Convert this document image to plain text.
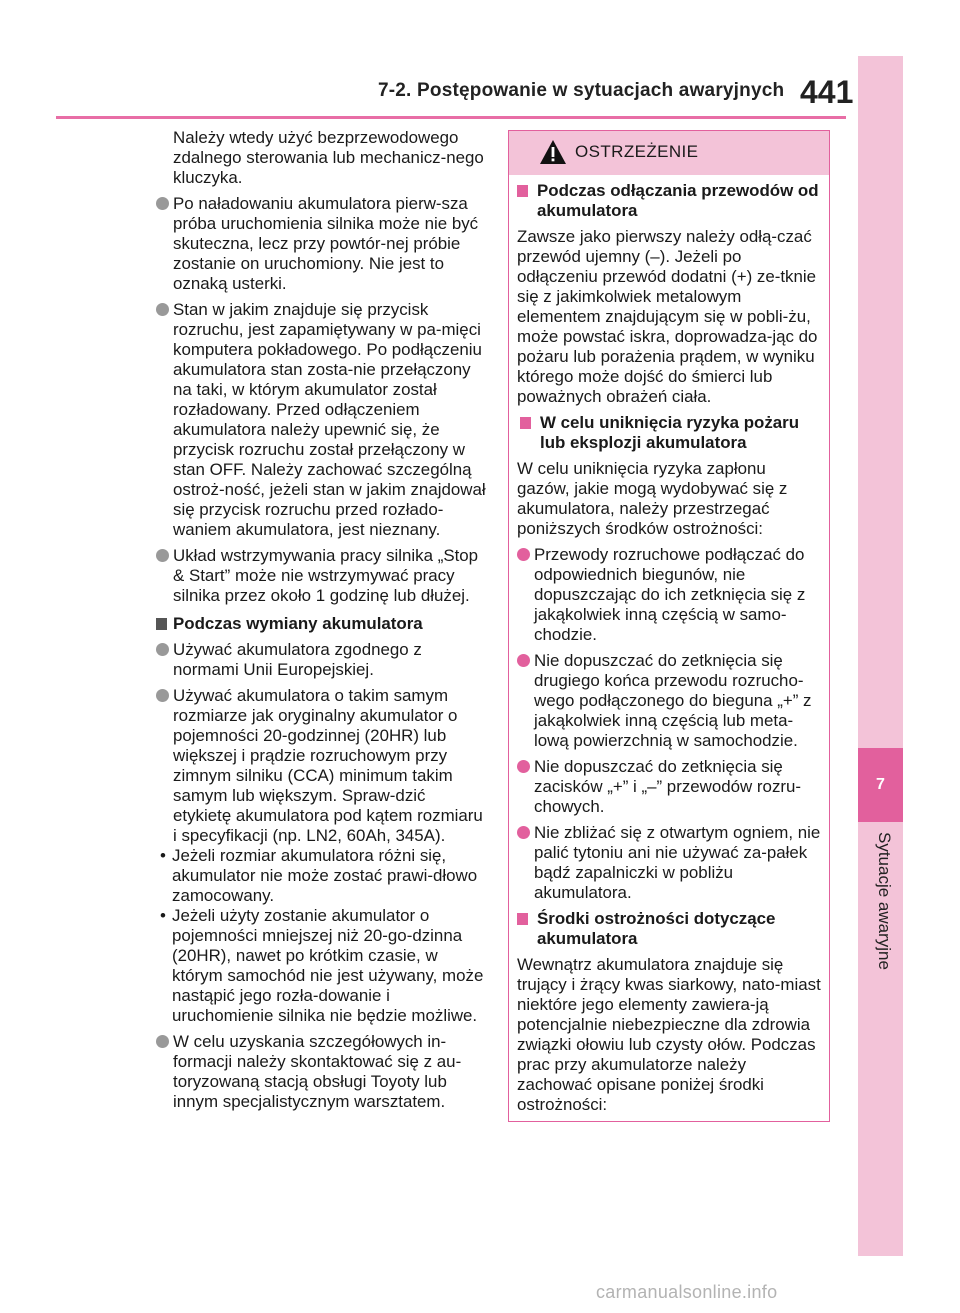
7-2. Postępowanie w sytuacjach awaryjnych 441
7
Sytuacje awaryjne

Należy wtedy użyć bezprzewodowego zdalnego sterowania lub mechanicz-nego kluczyka.

Po naładowaniu akumulatora pierw-sza próba uruchomienia silnika może nie być skuteczna, lecz przy powtór-nej próbie zostanie on uruchomiony. Nie jest to oznaką usterki.
Stan w jakim znajduje się przycisk rozruchu, jest zapamiętywany w pa-mięci komputera pokładowego. Po podłączeniu akumulatora stan zosta-nie przełączony na taki, w którym akumulator został rozładowany. Przed odłączeniem akumulatora należy upewnić się, że przycisk rozruchu został przełączony w stan OFF. Należy zachować szczególną ostroż-ność, jeżeli stan w jakim znajdował się przycisk rozruchu przed rozłado-waniem akumulatora, jest nieznany.
Układ wstrzymywania pracy silnika „Stop & Start” może nie wstrzymywać pracy silnika przez około 1 godzinę lub dłużej.
Podczas wymiany akumulatora
Używać akumulatora zgodnego z normami Unii Europejskiej.
Używać akumulatora o takim samym rozmiarze jak oryginalny akumulator o pojemności 20-godzinnej (20HR) lub większej i prądzie rozruchowym przy zimnym silniku (CCA) minimum takim samym lub większym. Spraw-dzić etykietę akumulatora pod kątem rozmiaru i specyfikacji (np. LN2, 60Ah, 345A).
• Jeżeli rozmiar akumulatora różni się, akumulator nie może zostać prawi-dłowo zamocowany.
• Jeżeli użyty zostanie akumulator o pojemności mniejszej niż 20-go-dzinna (20HR), nawet po krótkim czasie, w którym samochód nie jest używany, może nastąpić jego rozła-dowanie i uruchomienie silnika nie będzie możliwe.
W celu uzyskania szczegółowych in-formacji należy skontaktować się z au-toryzowaną stacją obsługi Toyoty lub innym specjalistycznym warsztatem.
OSTRZEŻENIE
Podczas odłączania przewodów od akumulatora

Zawsze jako pierwszy należy odłą-czać przewód ujemny (–). Jeżeli po odłączeniu przewód dodatni (+) ze-tknie się z jakimkolwiek metalowym elementem znajdującym się w pobli-żu, może powstać iskra, doprowadza-jąc do pożaru lub porażenia prądem, w wyniku którego może dojść do śmierci lub poważnych obrażeń ciała.

W celu uniknięcia ryzyka pożaru lub eksplozji akumulatora

W celu uniknięcia ryzyka zapłonu gazów, jakie mogą wydobywać się z akumulatora, należy przestrzegać poniższych środków ostrożności:

Przewody rozruchowe podłączać do odpowiednich biegunów, nie dopuszczając do ich zetknięcia się z jakąkolwiek inną częścią w samo-chodzie.
Nie dopuszczać do zetknięcia się drugiego końca przewodu rozrucho-wego podłączonego do bieguna „+” z jakąkolwiek inną częścią lub meta-lową powierzchnią w samochodzie.
Nie dopuszczać do zetknięcia się zacisków „+” i „–” przewodów rozru-chowych.
Nie zbliżać się z otwartym ogniem, nie palić tytoniu ani nie używać za-pałek bądź zapalniczki w pobliżu akumulatora.
Środki ostrożności dotyczące akumulatora

Wewnątrz akumulatora znajduje się trujący i żrący kwas siarkowy, nato-miast niektóre jego elementy zawiera-ją potencjalnie niebezpieczne dla zdrowia związki ołowiu lub czysty ołów. Podczas prac przy akumulatorze należy zachować opisane poniżej środki ostrożności:

carmanualsonline.info
